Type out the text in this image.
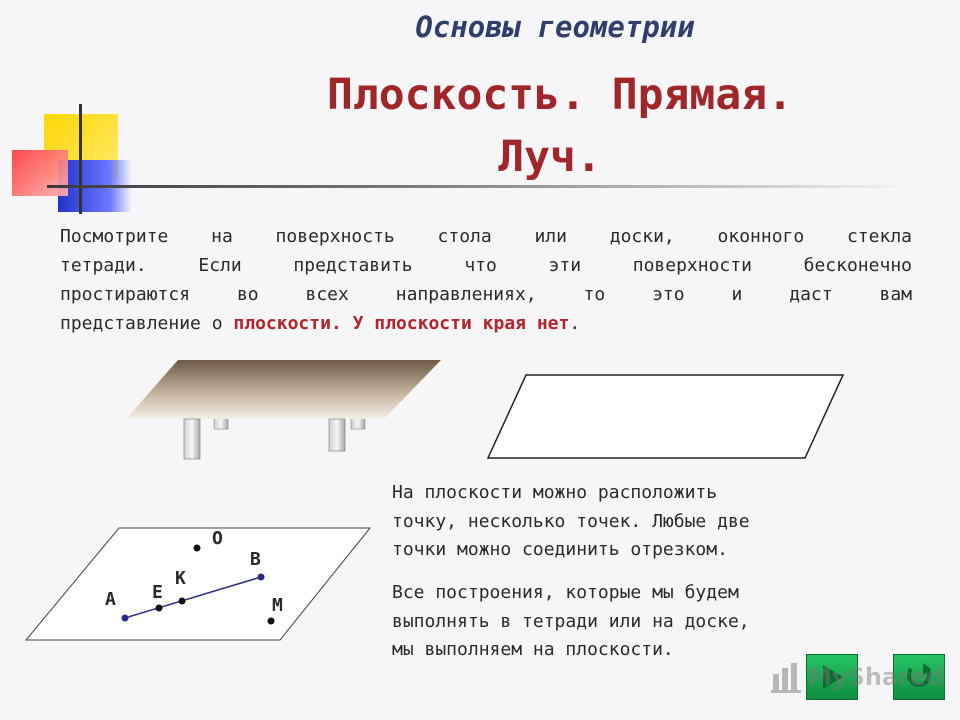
Основы геометрии
Плоскость. Прямая.
Луч.
Посмотрите на поверхность стола или доски, оконного стекла
тетради. Если представить что эти поверхности бесконечно
простираются во всех направлениях, то это и даст вам
представление о плоскости. У плоскости края нет.
А Е
К
О
В
М
На плоскости можно расположить
точку, несколько точек. Любые две
точки можно соединить отрезком.
Все построения, которые мы будем
выполнять в тетради или на доске,
мы выполняем на плоскости.
MyShared
